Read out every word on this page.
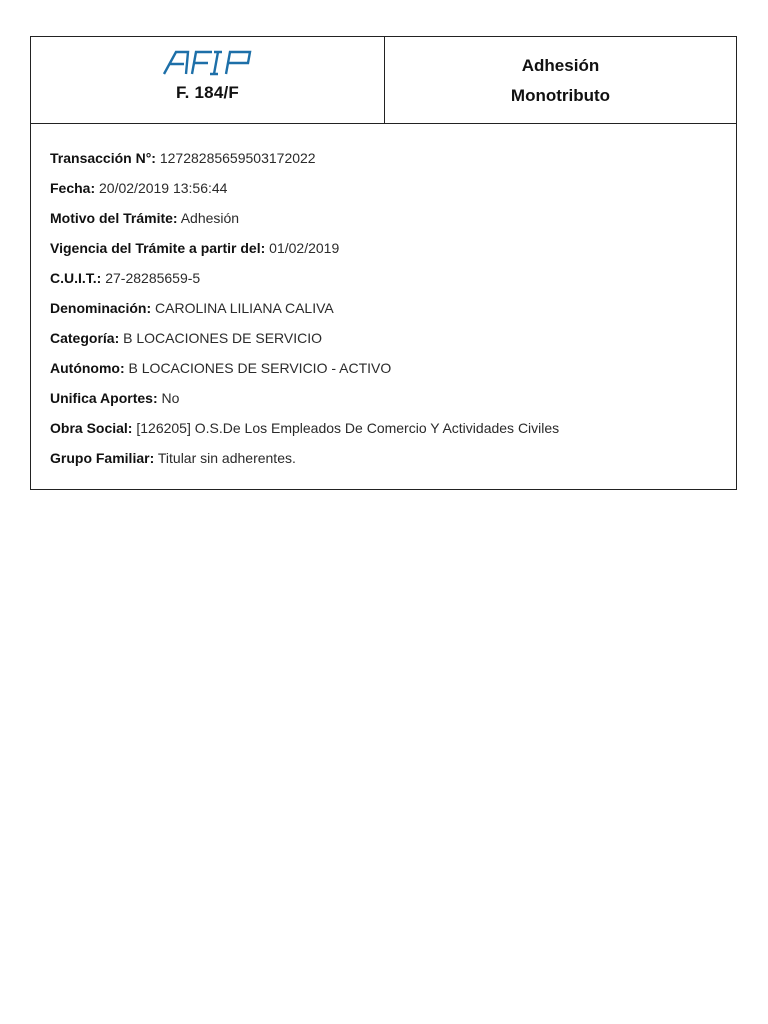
F. 184/F
Adhesión
Monotributo
Transacción N°: 12728285659503172022
Fecha: 20/02/2019 13:56:44
Motivo del Trámite: Adhesión
Vigencia del Trámite a partir del: 01/02/2019
C.U.I.T.: 27-28285659-5
Denominación: CAROLINA LILIANA CALIVA
Categoría: B LOCACIONES DE SERVICIO
Autónomo: B LOCACIONES DE SERVICIO - ACTIVO
Unifica Aportes: No
Obra Social: [126205] O.S.De Los Empleados De Comercio Y Actividades Civiles
Grupo Familiar: Titular sin adherentes.
